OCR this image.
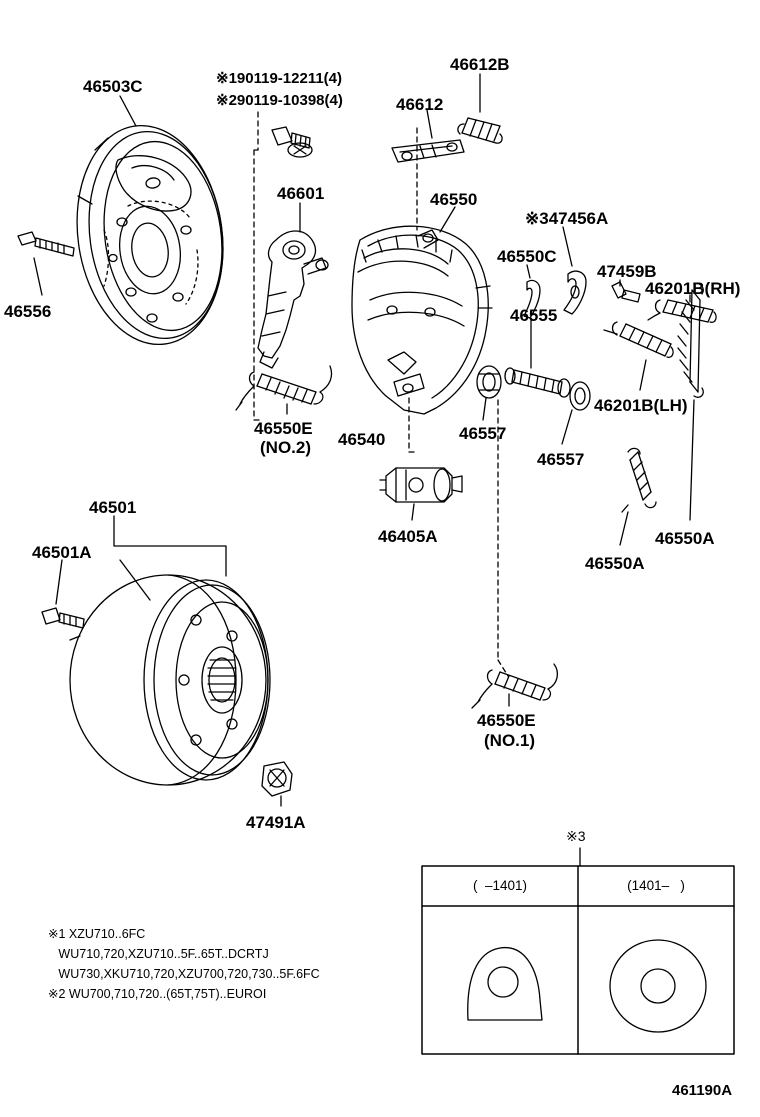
46503C
46556
※190119-12211(4)
※290119-10398(4)
46612B
46612
46601	46550
※347456A
46550C
47459B
46201B(RH)
46555
46201B(LH)
46550E
(NO.2) 46540	46557
46557
46405A	46550A
46550A
46501
46501A
46550E
(NO.1)
47491A
※1 XZU710..6FC
WU710,720,XZU710..5F..65T..DCRTJ
WU730,XKU710,720,XZU700,720,730..5F.6FC
※2 WU700,710,720..(65T,75T)..EUROⅠ
※3
(  –1401)	(1401–   )
461190A
